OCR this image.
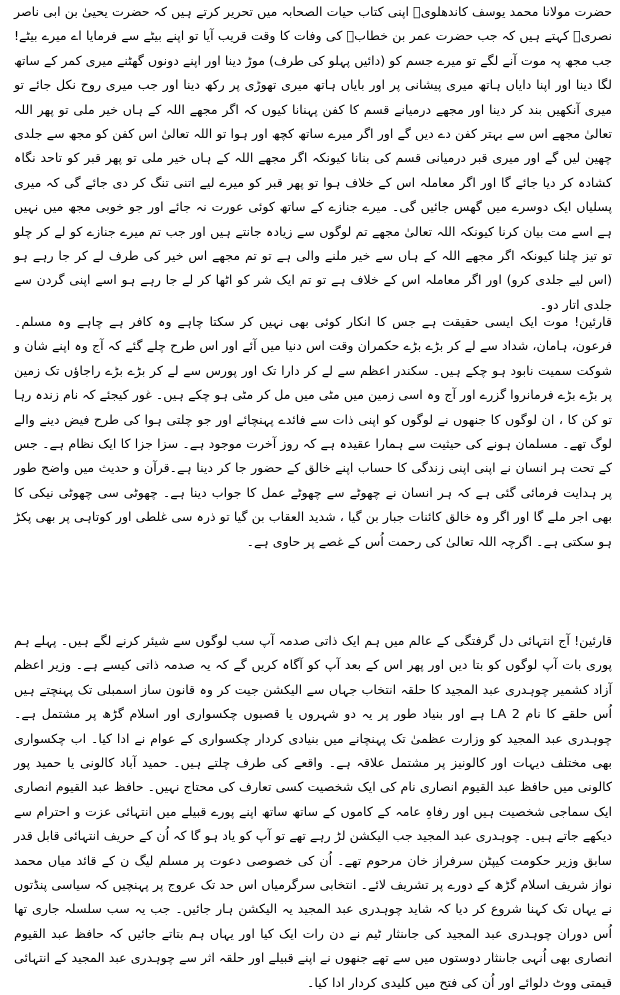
حضرت مولانا محمد یوسف کاندھلویؒ اپنی کتاب حیات الصحابہ میں تحریر کرتے ہیں کہ حضرت یحییٰ بن ابی ناصر نصریؒ کہتے ہیں کہ جب حضرت عمر بن خطابؓ کی وفات کا وقت قریب آیا تو اپنے بیٹے سے فرمایا اے میرے بیٹے! جب مجھ پہ موت آنے لگے تو میرے جسم کو (دائیں پہلو کی طرف) موڑ دینا اور اپنے دونوں گھٹنے میری کمر کے ساتھ لگا دینا اور اپنا دایاں ہاتھ میری پیشانی پر اور بایاں ہاتھ میری تھوڑی پر رکھ دینا اور جب میری روح نکل جائے تو میری آنکھیں بند کر دینا اور مجھے درمیانے قسم کا کفن پہنانا کیوں کہ اگر مجھے اللہ کے ہاں خیر ملی تو پھر اللہ تعالیٰ مجھے اس سے بہتر کفن دے دیں گے اور اگر میرے ساتھ کچھ اور ہوا تو اللہ تعالیٰ اس کفن کو مجھ سے جلدی چھین لیں گے اور میری قبر درمیانی قسم کی بنانا کیونکہ اگر مجھے اللہ کے ہاں خیر ملی تو پھر قبر کو تاحد نگاہ کشادہ کر دیا جائے گا اور اگر معاملہ اس کے خلاف ہوا تو پھر قبر کو میرے لیے اتنی تنگ کر دی جائے گی کہ میری پسلیاں ایک دوسرے میں گھس جائیں گی۔ میرے جنازے کے ساتھ کوئی عورت نہ جائے اور جو خوبی مجھ میں نہیں ہے اسے مت بیان کرنا کیونکہ اللہ تعالیٰ مجھے تم لوگوں سے زیادہ جانتے ہیں اور جب تم میرے جنازے کو لے کر چلو تو تیز چلنا کیونکہ اگر مجھے اللہ کے ہاں سے خیر ملنے والی ہے تو تم مجھے اس خیر کی طرف لے کر جا رہے ہو (اس لیے جلدی کرو) اور اگر معاملہ اس کے خلاف ہے تو تم ایک شر کو اٹھا کر لے جا رہے ہو اسے اپنی گردن سے جلدی اتار دو۔

قارئین! موت ایک ایسی حقیقت ہے جس کا انکار کوئی بھی نہیں کر سکتا چاہے وہ کافر ہے چاہے وہ مسلم۔ فرعون، ہامان، شداد سے لے کر بڑے بڑے حکمران وقت اس دنیا میں آئے اور اس طرح چلے گئے کہ آج وہ اپنے شان و شوکت سمیت نابود ہو چکے ہیں۔ سکندر اعظم سے لے کر دارا تک اور پورس سے لے کر بڑے بڑے راجاؤں تک زمین پر بڑے بڑے فرمانروا گزرے اور آج وہ اسی زمین میں مٹی میں مل کر مٹی ہو چکے ہیں۔ غور کیجئے کہ نام زندہ رہا تو کن کا ، ان لوگوں کا جنھوں نے لوگوں کو اپنی ذات سے فائدے پہنچائے اور جو چلتی ہوا کی طرح فیض دینے والے لوگ تھے۔ مسلمان ہونے کی حیثیت سے ہمارا عقیدہ ہے کہ روز آخرت موجود ہے۔ سزا جزا کا ایک نظام ہے۔ جس کے تحت ہر انسان نے اپنی اپنی زندگی کا حساب اپنے خالق کے حضور جا کر دینا ہے۔قرآن و حدیث میں واضح طور پر ہدایت فرمائی گئی ہے کہ ہر انسان نے چھوٹے سے چھوٹے عمل کا جواب دینا ہے۔ چھوٹی سی چھوٹی نیکی کا بھی اجر ملے گا اور اگر وہ خالق کائنات جبار بن گیا ، شدید العقاب بن گیا تو ذرہ سی غلطی اور کوتاہی پر بھی پکڑ ہو سکتی ہے۔ اگرچہ اللہ تعالیٰ کی رحمت اُس کے غصے پر حاوی ہے۔

قارئین! آج انتہائی دل گرفتگی کے عالم میں ہم ایک ذاتی صدمہ آپ سب لوگوں سے شیئر کرنے لگے ہیں۔ پہلے ہم پوری بات آپ لوگوں کو بتا دیں اور پھر اس کے بعد آپ کو آگاہ کریں گے کہ یہ صدمہ ذاتی کیسے ہے۔ وزیر اعظم آزاد کشمیر چوہدری عبد المجید کا حلقہ انتخاب جہاں سے الیکشن جیت کر وہ قانون ساز اسمبلی تک پہنچتے ہیں اُس حلقے کا نام LA 2 ہے اور بنیاد طور پر یہ دو شہروں یا قصبوں چکسواری اور اسلام گڑھ پر مشتمل ہے۔ چوہدری عبد المجید کو وزارت عظمیٰ تک پہنچانے میں بنیادی کردار چکسواری کے عوام نے ادا کیا۔ اب چکسواری بھی مختلف دیہات اور کالونیز پر مشتمل علاقہ ہے۔ واقعے کی طرف چلتے ہیں۔ حمید آباد کالونی یا حمید پور کالونی میں حافظ عبد القیوم انصاری نام کی ایک شخصیت کسی تعارف کی محتاج نہیں۔ حافظ عبد القیوم انصاری ایک سماجی شخصیت ہیں اور رفاہِ عامہ کے کاموں کے ساتھ ساتھ اپنے پورے قبیلے میں انتہائی عزت و احترام سے دیکھے جاتے ہیں۔ چوہدری عبد المجید جب الیکشن لڑ رہے تھے تو آپ کو یاد ہو گا کہ اُن کے حریف انتہائی قابل قدر سابق وزیر حکومت کیپٹن سرفراز خان مرحوم تھے۔ اُن کی خصوصی دعوت پر مسلم لیگ ن کے قائد میاں محمد نواز شریف اسلام گڑھ کے دورے پر تشریف لائے۔ انتخابی سرگرمیاں اس حد تک عروج پر پہنچیں کہ سیاسی پنڈتوں نے یہاں تک کہنا شروع کر دیا کہ شاید چوہدری عبد المجید یہ الیکشن ہار جائیں۔ جب یہ سب سلسلہ جاری تھا اُس دوران چوہدری عبد المجید کی جاںنثار ٹیم نے دن رات ایک کیا اور یہاں ہم بتاتے جائیں کہ حافظ عبد القیوم انصاری بھی اُنہی جاںنثار دوستوں میں سے تھے جنھوں نے اپنے قبیلے اور حلقہ اثر سے چوہدری عبد المجید کے انتہائی قیمتی ووٹ دلوائے اور اُن کی فتح میں کلیدی کردار ادا کیا۔
